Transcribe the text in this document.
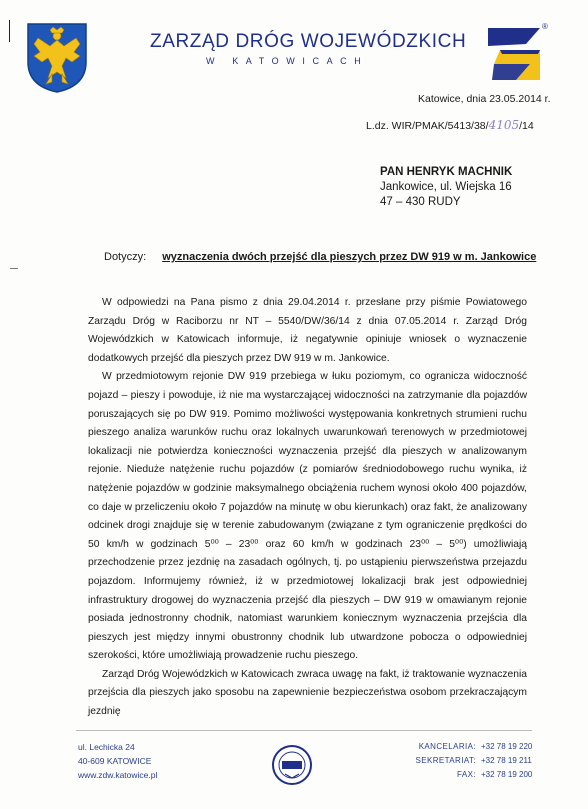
ZARZĄD DRÓG WOJEWÓDZKICH
W KATOWICACH
®
Katowice, dnia 23.05.2014 r.
L.dz. WIR/PMAK/5413/38/4105/14
PAN HENRYK MACHNIK
Jankowice, ul. Wiejska 16
47 – 430 RUDY
Dotyczy: wyznaczenia dwóch przejść dla pieszych przez DW 919 w m. Jankowice

W odpowiedzi na Pana pismo z dnia 29.04.2014 r. przesłane przy piśmie Powiatowego Zarządu Dróg w Raciborzu nr NT – 5540/DW/36/14 z dnia 07.05.2014 r. Zarząd Dróg Wojewódzkich w Katowicach informuje, iż negatywnie opiniuje wniosek o wyznaczenie dodatkowych przejść dla pieszych przez DW 919 w m. Jankowice.

W przedmiotowym rejonie DW 919 przebiega w łuku poziomym, co ogranicza widoczność pojazd – pieszy i powoduje, iż nie ma wystarczającej widoczności na zatrzymanie dla pojazdów poruszających się po DW 919. Pomimo możliwości występowania konkretnych strumieni ruchu pieszego analiza warunków ruchu oraz lokalnych uwarunkowań terenowych w przedmiotowej lokalizacji nie potwierdza konieczności wyznaczenia przejść dla pieszych w analizowanym rejonie. Nieduże natężenie ruchu pojazdów (z pomiarów średniodobowego ruchu wynika, iż natężenie pojazdów w godzinie maksymalnego obciążenia ruchem wynosi około 400 pojazdów, co daje w przeliczeniu około 7 pojazdów na minutę w obu kierunkach) oraz fakt, że analizowany odcinek drogi znajduje się w terenie zabudowanym (związane z tym ograniczenie prędkości do 50 km/h w godzinach 5⁰⁰ – 23⁰⁰ oraz 60 km/h w godzinach 23⁰⁰ – 5⁰⁰) umożliwiają przechodzenie przez jezdnię na zasadach ogólnych, tj. po ustąpieniu pierwszeństwa przejazdu pojazdom. Informujemy również, iż w przedmiotowej lokalizacji brak jest odpowiedniej infrastruktury drogowej do wyznaczenia przejść dla pieszych – DW 919 w omawianym rejonie posiada jednostronny chodnik, natomiast warunkiem koniecznym wyznaczenia przejścia dla pieszych jest między innymi obustronny chodnik lub utwardzone pobocza o odpowiedniej szerokości, które umożliwiają prowadzenie ruchu pieszego.

Zarząd Dróg Wojewódzkich w Katowicach zwraca uwagę na fakt, iż traktowanie wyznaczenia przejścia dla pieszych jako sposobu na zapewnienie bezpieczeństwa osobom przekraczającym jezdnię

ul. Lechicka 24
40-609 KATOWICE
www.zdw.katowice.pl
KANCELARIA: +32 78 19 220
SEKRETARIAT: +32 78 19 211
FAX: +32 78 19 200
